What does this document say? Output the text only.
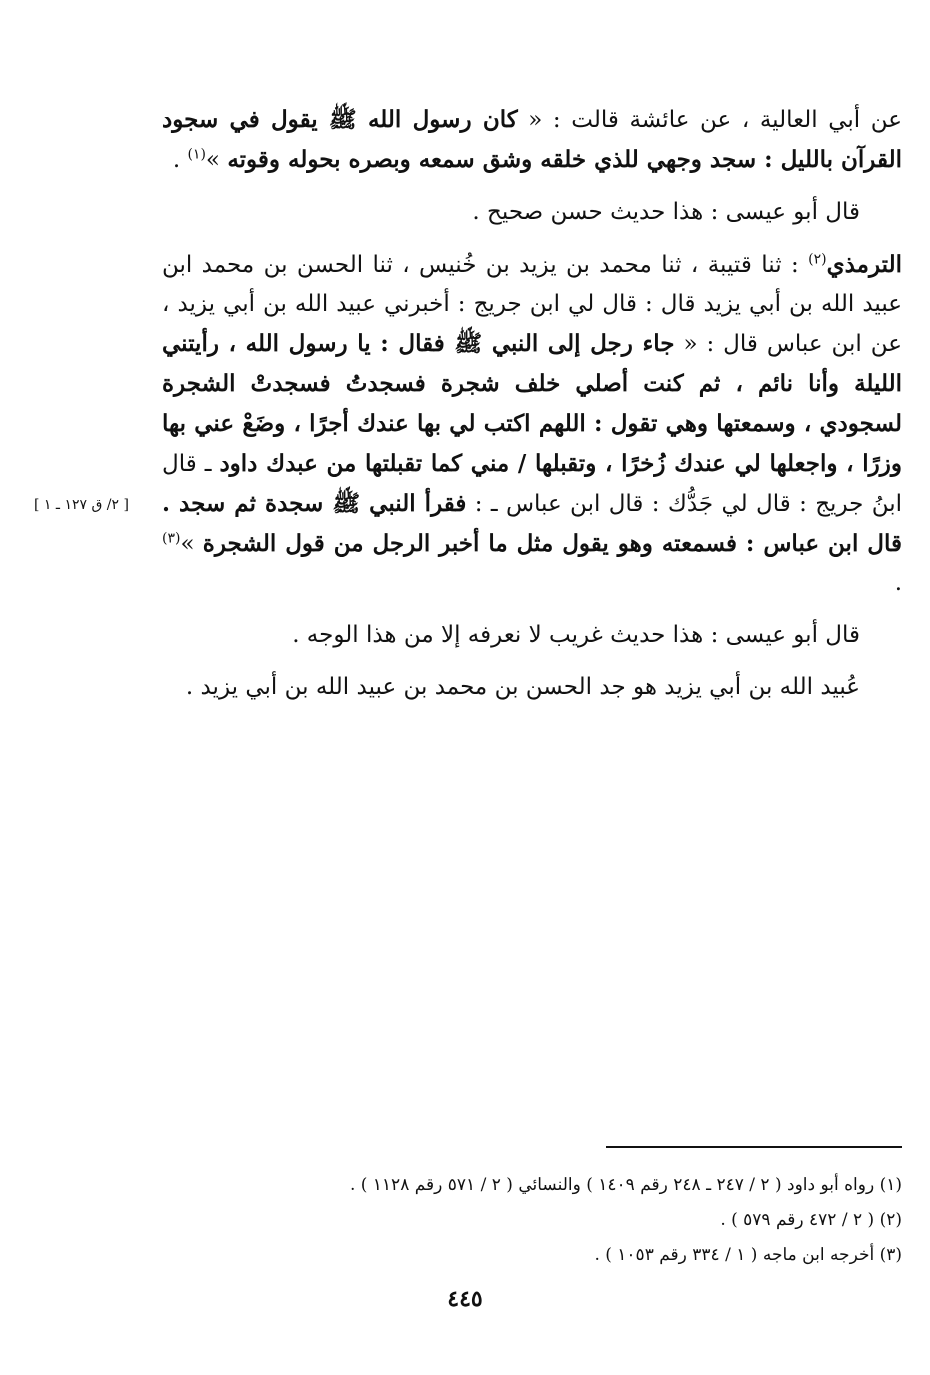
عن أبي العالية ، عن عائشة قالت : « كان رسول الله ﷺ يقول في سجود القرآن بالليل : سجد وجهي للذي خلقه وشق سمعه وبصره بحوله وقوته »$^{(١)}$ .

قال أبو عيسى : هذا حديث حسن صحيح .

الترمذي$^{(٢)}$ : ثنا قتيبة ، ثنا محمد بن يزيد بن خُنيس ، ثنا الحسن بن محمد ابن عبيد الله بن أبي يزيد قال : قال لي ابن جريج : أخبرني عبيد الله بن أبي يزيد ، عن ابن عباس قال : « جاء رجل إلى النبي ﷺ فقال : يا رسول الله ، رأيتني الليلة وأنا نائم ، ثم كنت أصلي خلف شجرة فسجدتُ فسجدتْ الشجرة لسجودي ، وسمعتها وهي تقول : اللهم اكتب لي بها عندك أجرًا ، وضَعْ عني بها وزرًا ، واجعلها لي عندك زُخرًا ، وتقبلها / مني كما تقبلتها من عبدك داود ـ قال ابنُ جريج : قال لي جَدُّك : قال ابن عباس ـ : فقرأ النبي ﷺ سجدة ثم سجد . قال ابن عباس : فسمعته وهو يقول مثل ما أخبر الرجل من قول الشجرة »$^{(٣)}$ .

قال أبو عيسى : هذا حديث غريب لا نعرفه إلا من هذا الوجه .

عُبيد الله بن أبي يزيد هو جد الحسن بن محمد بن عبيد الله بن أبي يزيد .

[ ٢/ ق ١٢٧ ـ ١ ]
(١) رواه أبو داود ( ٢ / ٢٤٧ ـ ٢٤٨ رقم ١٤٠٩ ) والنسائي ( ٢ / ٥٧١ رقم ١١٢٨ ) .
(٢) ( ٢ / ٤٧٢ رقم ٥٧٩ ) .
(٣) أخرجه ابن ماجه ( ١ / ٣٣٤ رقم ١٠٥٣ ) .
٤٤٥
